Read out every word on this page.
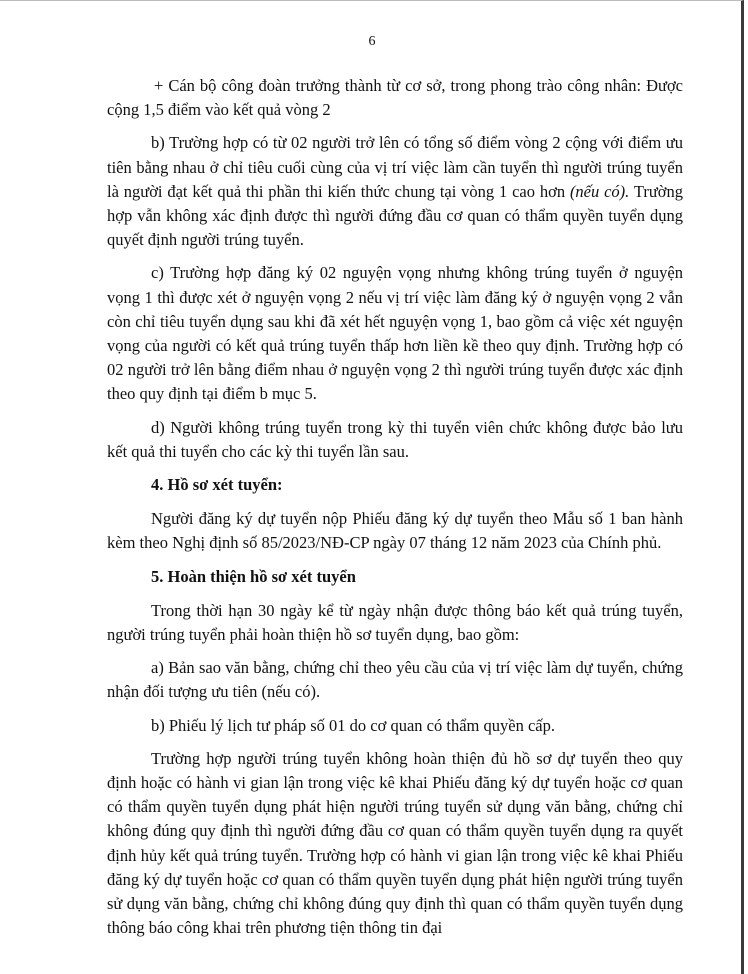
6

+ Cán bộ công đoàn trưởng thành từ cơ sở, trong phong trào công nhân: Được cộng 1,5 điểm vào kết quả vòng 2

b) Trường hợp có từ 02 người trở lên có tổng số điểm vòng 2 cộng với điểm ưu tiên bằng nhau ở chỉ tiêu cuối cùng của vị trí việc làm cần tuyển thì người trúng tuyển là người đạt kết quả thi phần thi kiến thức chung tại vòng 1 cao hơn (nếu có). Trường hợp vẫn không xác định được thì người đứng đầu cơ quan có thẩm quyền tuyển dụng quyết định người trúng tuyển.

c) Trường hợp đăng ký 02 nguyện vọng nhưng không trúng tuyển ở nguyện vọng 1 thì được xét ở nguyện vọng 2 nếu vị trí việc làm đăng ký ở nguyện vọng 2 vẫn còn chỉ tiêu tuyển dụng sau khi đã xét hết nguyện vọng 1, bao gồm cả việc xét nguyện vọng của người có kết quả trúng tuyển thấp hơn liền kề theo quy định. Trường hợp có 02 người trở lên bằng điểm nhau ở nguyện vọng 2 thì người trúng tuyển được xác định theo quy định tại điểm b mục 5.

d) Người không trúng tuyển trong kỳ thi tuyển viên chức không được bảo lưu kết quả thi tuyển cho các kỳ thi tuyển lần sau.

4. Hồ sơ xét tuyển:

Người đăng ký dự tuyển nộp Phiếu đăng ký dự tuyển theo Mẫu số 1 ban hành kèm theo Nghị định số 85/2023/NĐ-CP ngày 07 tháng 12 năm 2023 của Chính phủ.

5. Hoàn thiện hồ sơ xét tuyển

Trong thời hạn 30 ngày kể từ ngày nhận được thông báo kết quả trúng tuyển, người trúng tuyển phải hoàn thiện hồ sơ tuyển dụng, bao gồm:

a) Bản sao văn bằng, chứng chỉ theo yêu cầu của vị trí việc làm dự tuyển, chứng nhận đối tượng ưu tiên (nếu có).

b) Phiếu lý lịch tư pháp số 01 do cơ quan có thẩm quyền cấp.

Trường hợp người trúng tuyển không hoàn thiện đủ hồ sơ dự tuyển theo quy định hoặc có hành vi gian lận trong việc kê khai Phiếu đăng ký dự tuyển hoặc cơ quan có thẩm quyền tuyển dụng phát hiện người trúng tuyển sử dụng văn bằng, chứng chỉ không đúng quy định thì người đứng đầu cơ quan có thẩm quyền tuyển dụng ra quyết định hủy kết quả trúng tuyển. Trường hợp có hành vi gian lận trong việc kê khai Phiếu đăng ký dự tuyển hoặc cơ quan có thẩm quyền tuyển dụng phát hiện người trúng tuyển sử dụng văn bằng, chứng chỉ không đúng quy định thì quan có thẩm quyền tuyển dụng thông báo công khai trên phương tiện thông tin đại
